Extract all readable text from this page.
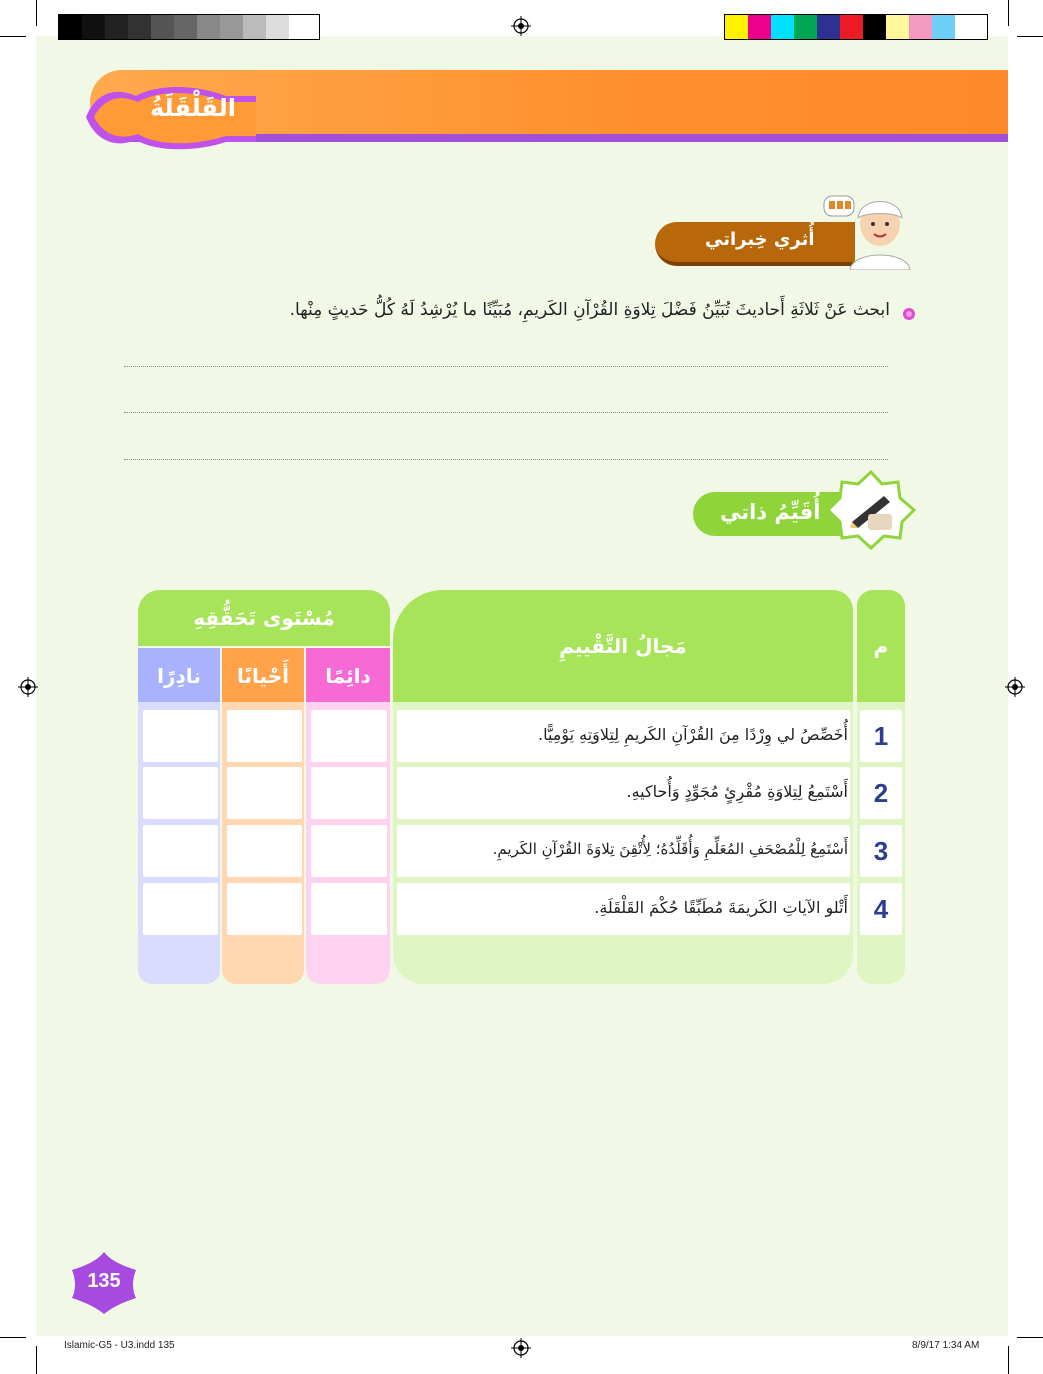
القَلْقَلَةُ
أُثري خِبراتي
ابحث عَنْ ثَلاثَةِ أَحاديثَ تُبَيِّنُ فَضْلَ تِلاوَةِ القُرْآنِ الكَريمِ، مُبَيِّنًا ما يُرْشِدُ لَهُ كُلُّ حَديثٍ مِنْها.
أُقَيِّمُ ذاتي
م
مَجالُ التَّقْييمِ
مُسْتَوى تَحَقُّقِهِ
دائِمًا
أَحْيانًا
نادِرًا
1
أُخَصِّصُ لي وِرْدًا مِنَ القُرْآنِ الكَريمِ لِتِلاوَتِهِ يَوْمِيًّا.
2
أَسْتَمِعُ لِتِلاوَةِ مُقْرِئٍ مُجَوِّدٍ وَأُحاكيهِ.
3
أَسْتَمِعُ لِلْمُصْحَفِ المُعَلِّمِ وَأُقَلِّدُهُ؛ لِأُتْقِنَ تِلاوَةَ القُرْآنِ الكَريمِ.
4
أَتْلو الآياتِ الكَريمَةَ مُطَبِّقًا حُكْمَ القَلْقَلَةِ.
135
Islamic-G5 - U3.indd 135	8/9/17 1:34 AM
